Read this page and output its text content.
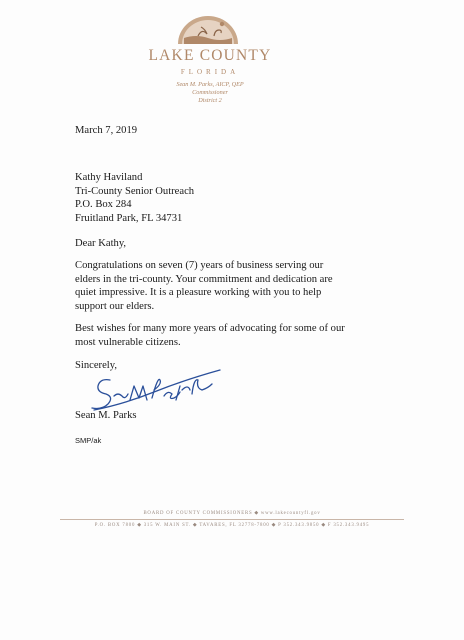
LAKE COUNTY
FLORIDA
Sean M. Parks, AICP, QEP
Commissioner
District 2
March 7, 2019
Kathy Haviland
Tri-County Senior Outreach
P.O. Box 284
Fruitland Park, FL 34731
Dear Kathy,
Congratulations on seven (7) years of business serving our
elders in the tri-county. Your commitment and dedication are
quiet impressive. It is a pleasure working with you to help
support our elders.
Best wishes for many more years of advocating for some of our
most vulnerable citizens.
Sincerely,
Sean M. Parks
SMP/ak
BOARD OF COUNTY COMMISSIONERS ◆ www.lakecountyfl.gov
P.O. BOX 7800 ◆ 315 W. MAIN ST. ◆ TAVARES, FL 32778-7800 ◆ P 352.343.9850 ◆ F 352.343.9495
